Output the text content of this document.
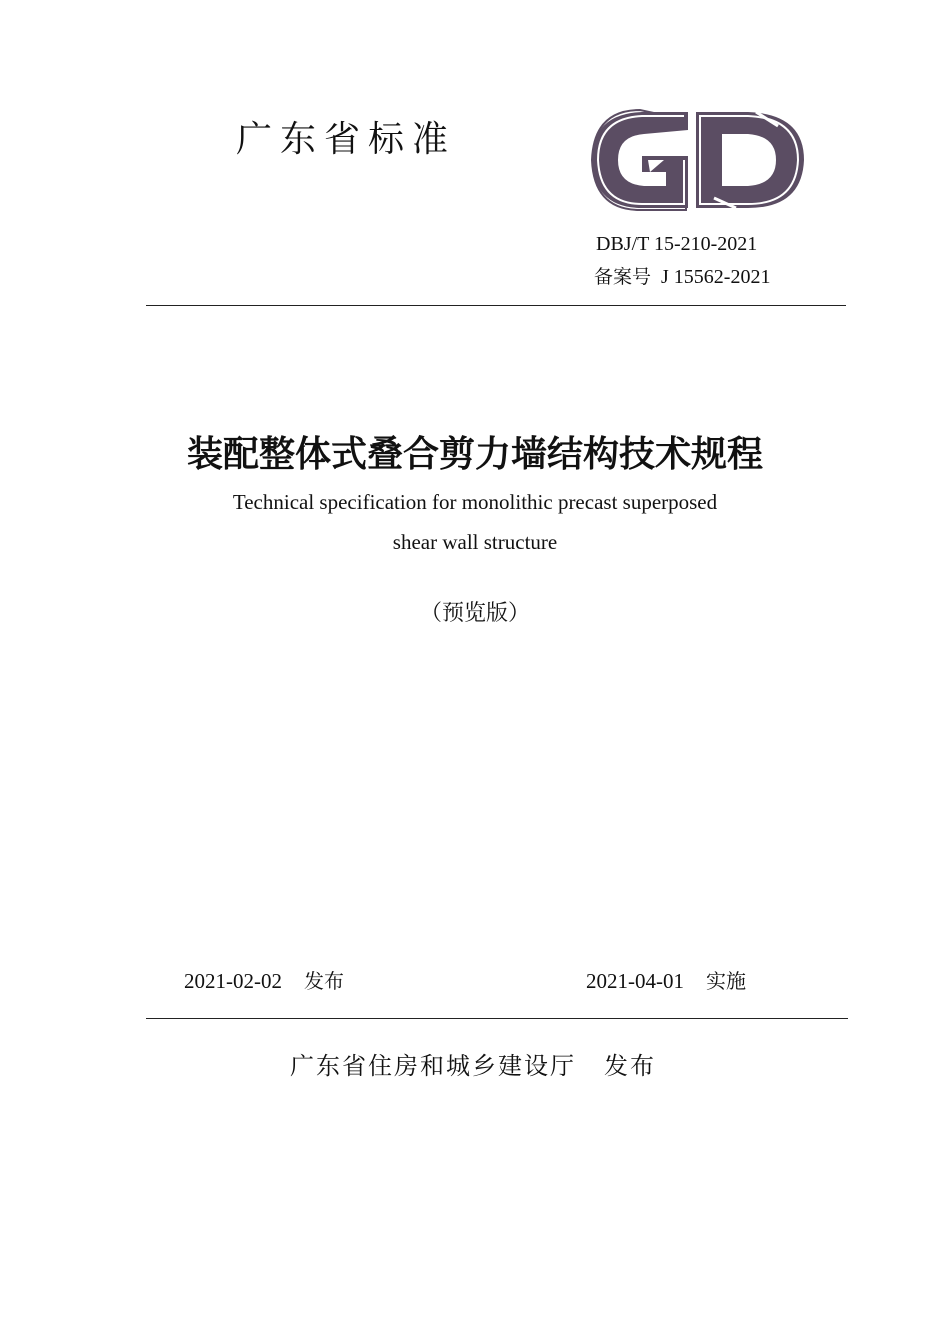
广东省标准
DBJ/T 15-210-2021
备案号 J 15562-2021
装配整体式叠合剪力墙结构技术规程
Technical specification for monolithic precast superposed
shear wall structure
（预览版）
2021-02-02 发布	2021-04-01 实施
广东省住房和城乡建设厅 发布
